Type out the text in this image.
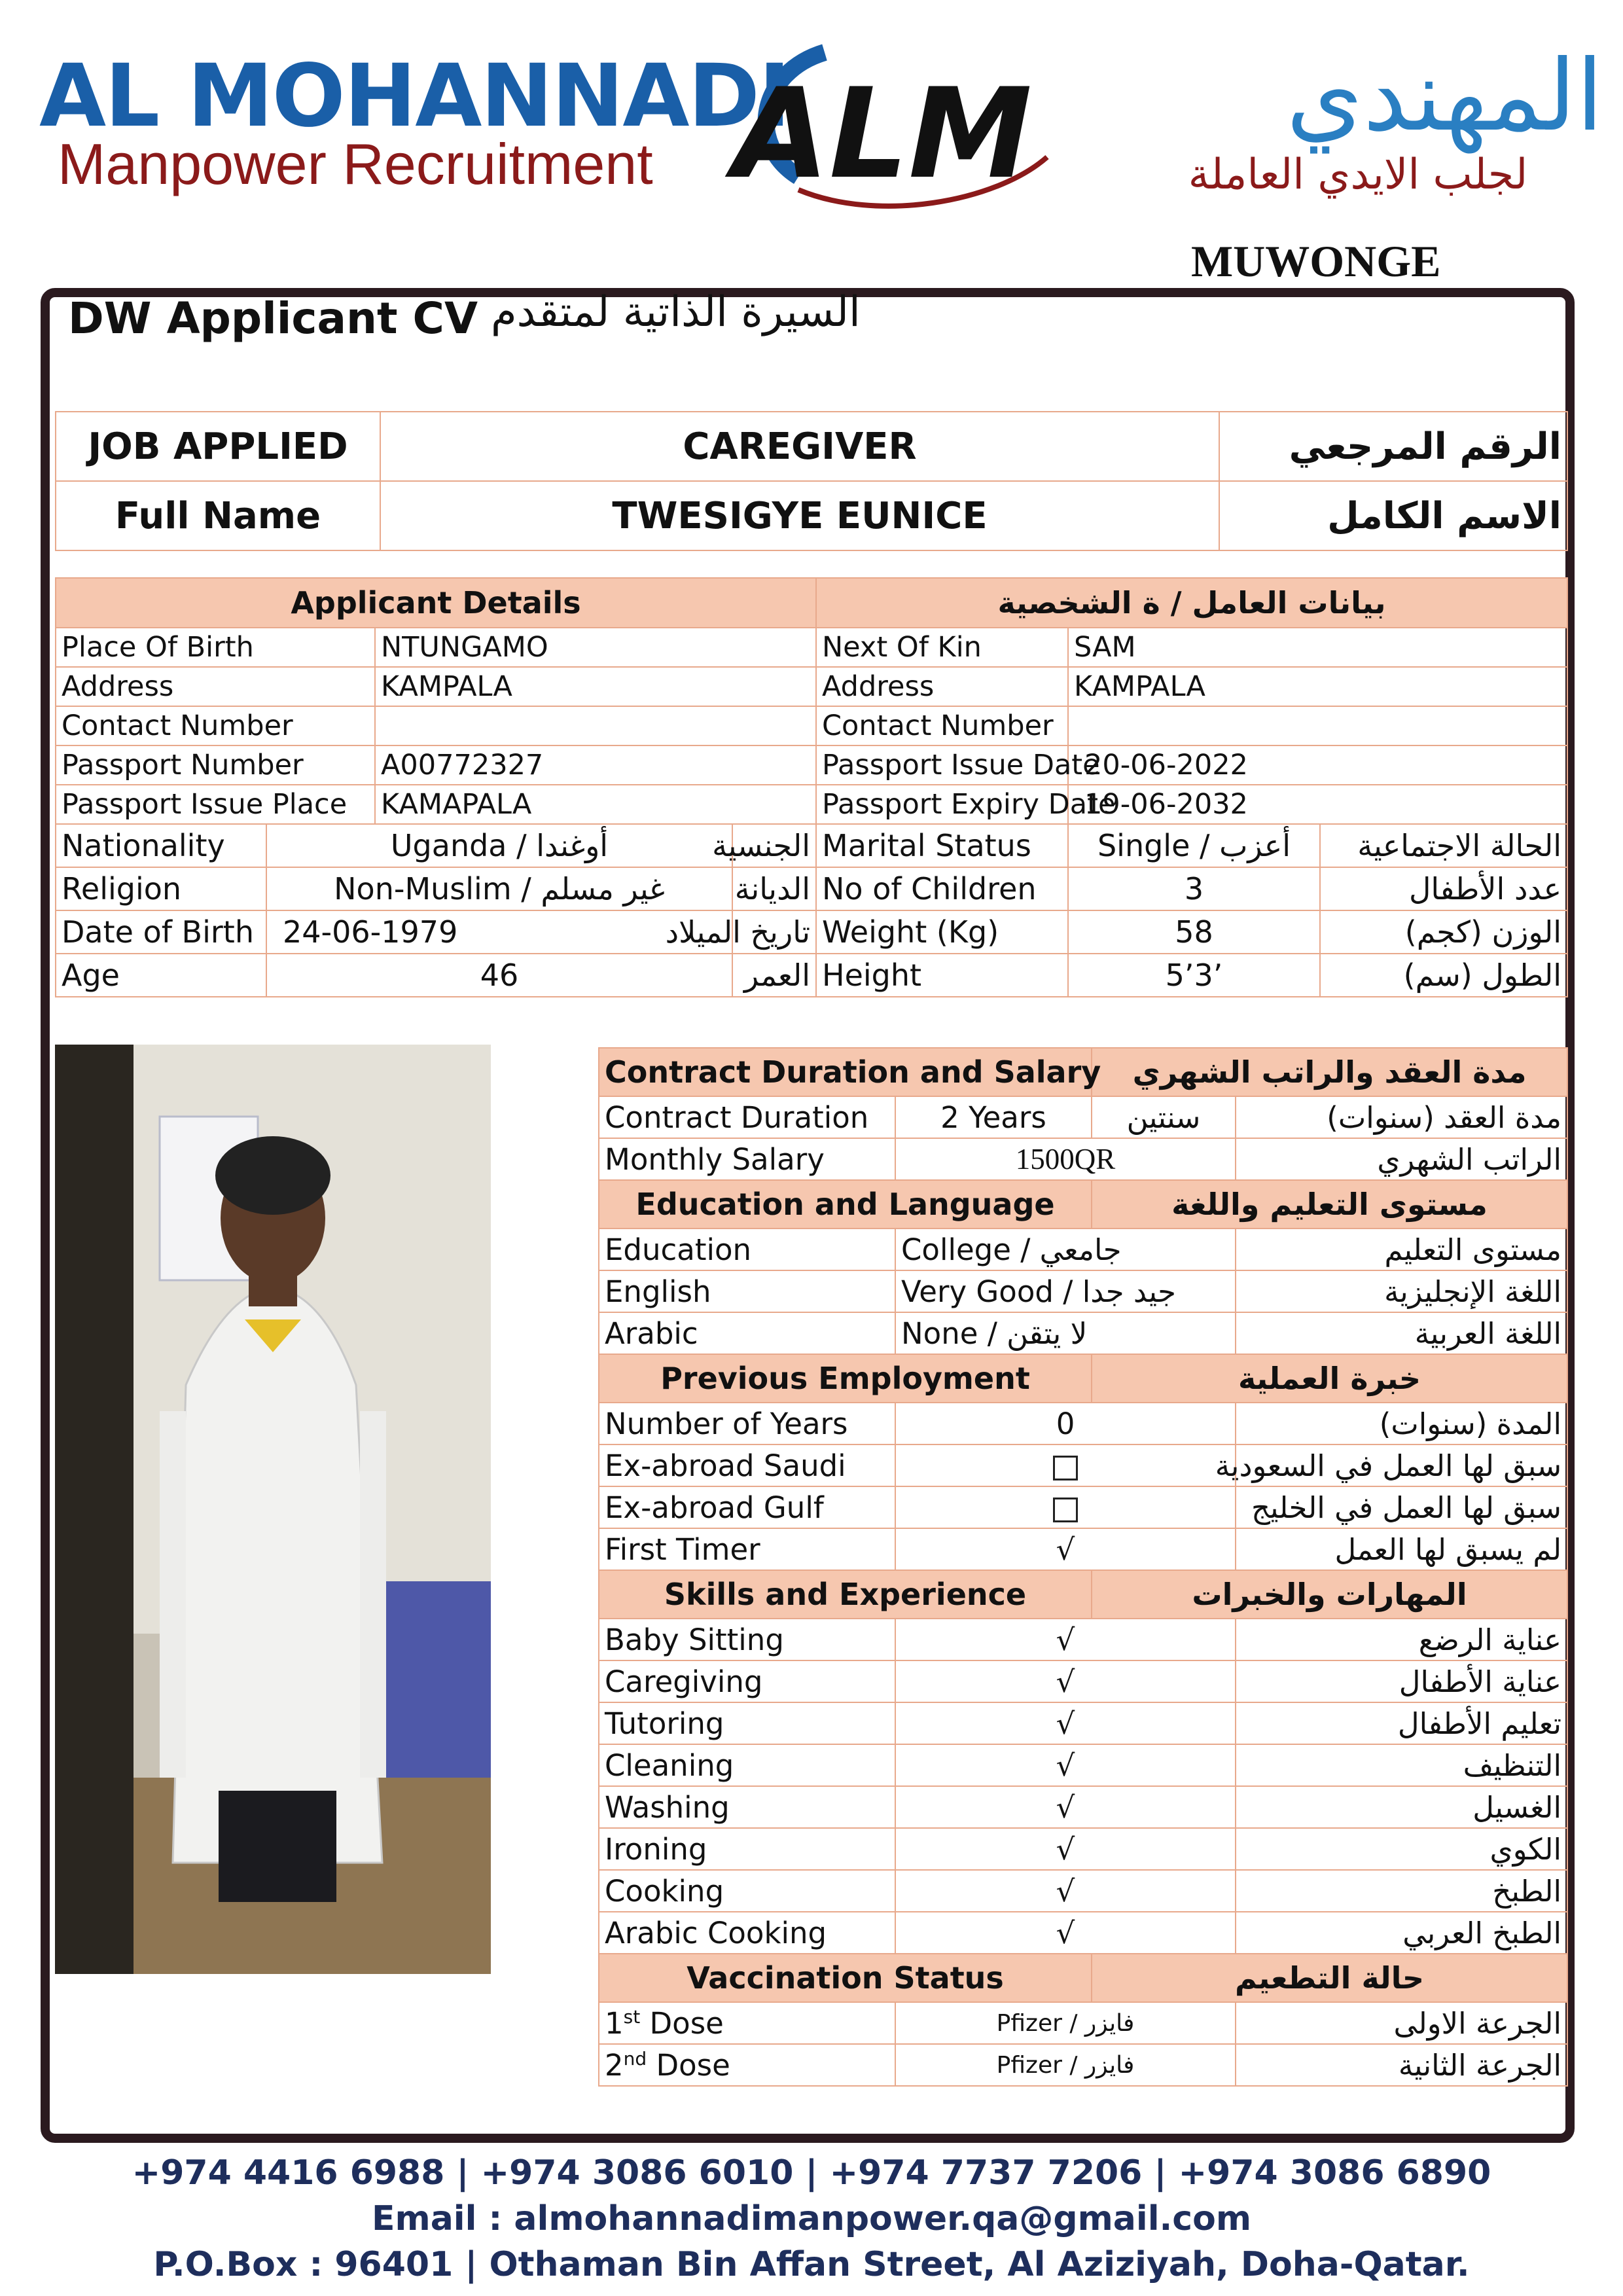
AL MOHANNADI
Manpower Recruitment ALM	المهندي
لجلب الايدي العاملة
MUWONGE
DW Applicant CV السيرة الذاتية لمتقدم
JOB APPLIED	CAREGIVER	الرقم المرجعي
Full Name	TWESIGYE EUNICE	الاسم الكامل
Applicant Details				بيانات العامل / ة الشخصية		
Place Of Birth		NTUNGAMO		Next Of Kin	SAM	
Address		KAMPALA		Address	KAMPALA	
Contact Number				Contact Number		
Passport Number		A00772327		Passport Issue Date	20-06-2022	
Passport Issue Place		KAMAPALA		Passport Expiry Date	19-06-2032	
Nationality	Uganda / أوغندا		الجنسية	Marital Status	Single / أعزب	الحالة الاجتماعية
Religion	Non-Muslim / غير مسلم		الديانة	No of Children	3	عدد الأطفال
Date of Birth	24-06-1979		تاريخ الميلاد	Weight (Kg)	58	الوزن (كجم)
Age	46		العمر	Height	5’3’	الطول (سم)
Contract Duration and Salary		مدة العقد والراتب الشهري	
Contract Duration	2 Years	سنتين	مدة العقد (سنوات)
Monthly Salary	1500QR		الراتب الشهري
Education and Language		مستوى التعليم واللغة	
Education	College / جامعي		مستوى التعليم
English	Very Good / جيد جدا		اللغة الإنجليزية
Arabic	None / لا يتقن		اللغة العربية
Previous Employment		خبرة العملية	
Number of Years	0		المدة (سنوات)
Ex-abroad Saudi			سبق لها العمل في السعودية
Ex-abroad Gulf			سبق لها العمل في الخليج
First Timer	√		لم يسبق لها العمل
Skills and Experience		المهارات والخبرات	
Baby Sitting	√		عناية الرضع
Caregiving	√		عناية الأطفال
Tutoring	√		تعليم الأطفال
Cleaning	√		التنظيف
Washing	√		الغسيل
Ironing	√		الكوي
Cooking	√		الطبخ
Arabic Cooking	√		الطبخ العربي
Vaccination Status		حالة التطعيم	
1st Dose	Pfizer / فايزر		الجرعة الاولى
2nd Dose	Pfizer / فايزر		الجرعة الثانية
+974 4416 6988 | +974 3086 6010 | +974 7737 7206 | +974 3086 6890
Email : almohannadimanpower.qa@gmail.com
P.O.Box : 96401 | Othaman Bin Affan Street, Al Aziziyah, Doha-Qatar.
